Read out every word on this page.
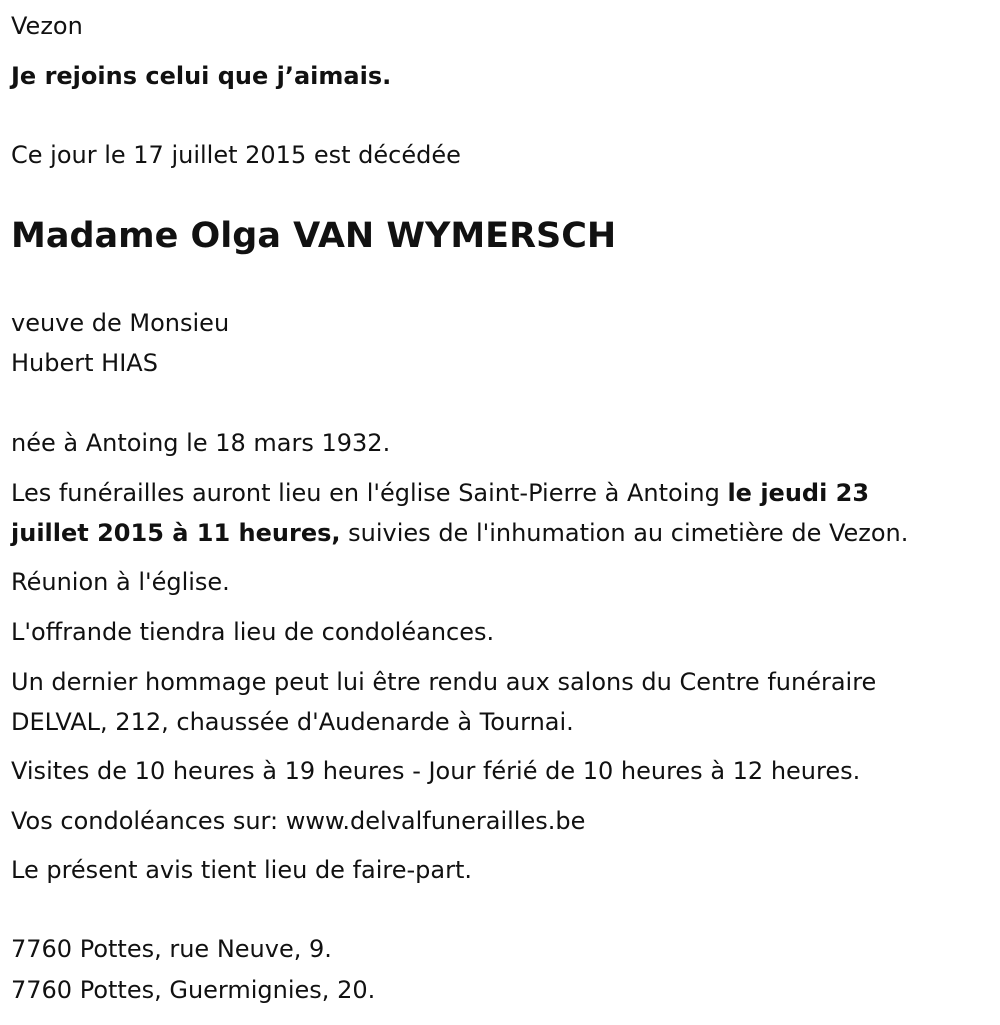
Vezon

Je rejoins celui que j’aimais.

Ce jour le 17 juillet 2015 est décédée

Madame Olga VAN WYMERSCH

veuve de Monsieu

Hubert HIAS

née à Antoing le 18 mars 1932.

Les funérailles auront lieu en l'église Saint-Pierre à Antoing le jeudi 23

juillet 2015 à 11 heures, suivies de l'inhumation au cimetière de Vezon.

Réunion à l'église.

L'offrande tiendra lieu de condoléances.

Un dernier hommage peut lui être rendu aux salons du Centre funéraire

DELVAL, 212, chaussée d'Audenarde à Tournai.

Visites de 10 heures à 19 heures - Jour férié de 10 heures à 12 heures.

Vos condoléances sur: www.delvalfunerailles.be

Le présent avis tient lieu de faire-part.

7760 Pottes, rue Neuve, 9.

7760 Pottes, Guermignies, 20.
